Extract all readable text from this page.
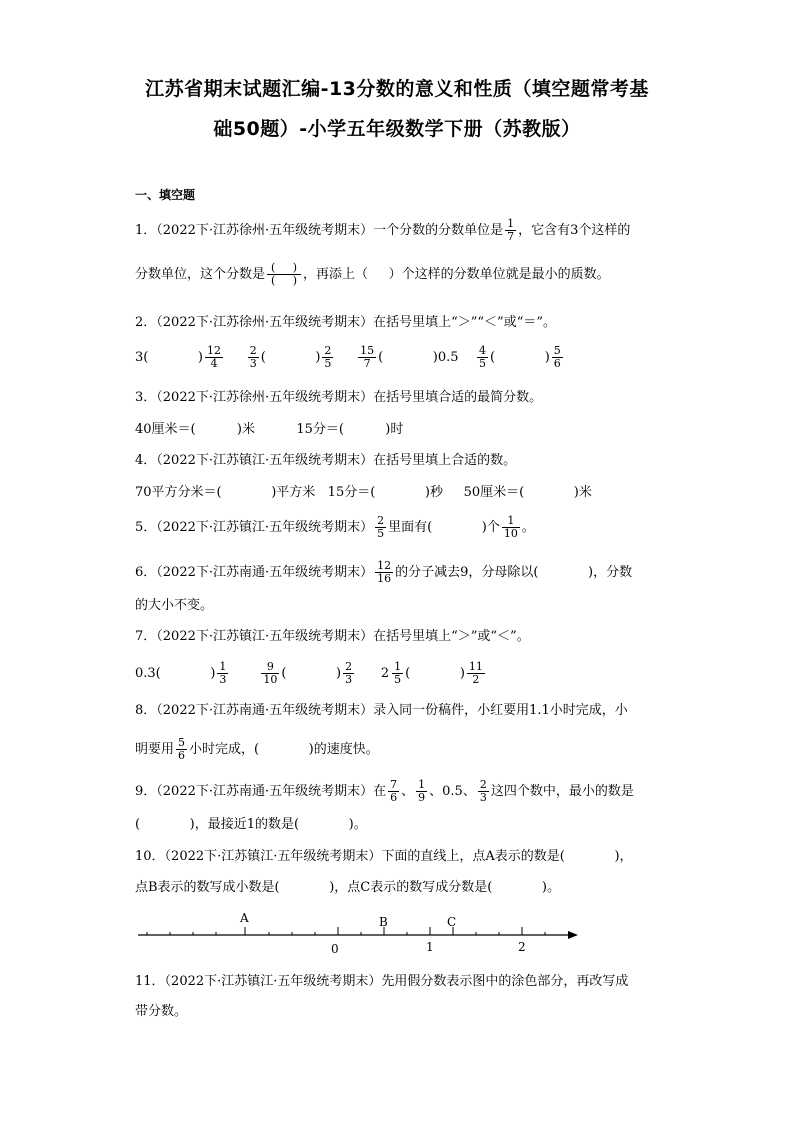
江苏省期末试题汇编-13分数的意义和性质（填空题常考基
础50题）-小学五年级数学下册（苏教版）
一、填空题
1．（2022下·江苏徐州·五年级统考期末）一个分数的分数单位是 $\frac{1}{7}$ ，它含有3个这样的
分数单位，这个分数是 $\frac{( )}{( )}$ ，再添上（     ）个这样的分数单位就是最小的质数。
2．（2022下·江苏徐州·五年级统考期末）在括号里填上“＞”“＜”或“＝”。
3(            ) $\frac{12}{4}$
$\frac{2}{3}$ (            ) $\frac{2}{5}$
$\frac{15}{7}$ (            )0.5
$\frac{4}{5}$ (            ) $\frac{5}{6}$
3．（2022下·江苏徐州·五年级统考期末）在括号里填合适的最简分数。
40厘米＝(          )米          15分＝(          )时
4．（2022下·江苏镇江·五年级统考期末）在括号里填上合适的数。
70平方分米＝(            )平方米   15分＝(            )秒     50厘米＝(            )米
5．（2022下·江苏镇江·五年级统考期末） $\frac{2}{5}$ 里面有(            )个 $\frac{1}{10}$ 。
6．（2022下·江苏南通·五年级统考期末） $\frac{12}{16}$ 的分子减去9，分母除以(            )，分数
的大小不变。
7．（2022下·江苏镇江·五年级统考期末）在括号里填上“＞”或“＜”。
0.3(            ) $\frac{1}{3}$
	$\frac{9}{10}$ (            ) $\frac{2}{3}$
$2 \frac{1}{5}$ (            ) $\frac{11}{2}$
8．（2022下·江苏南通·五年级统考期末）录入同一份稿件，小红要用1.1小时完成，小
明要用 $\frac{5}{6}$ 小时完成，(            )的速度快。
9．（2022下·江苏南通·五年级统考期末）在 $\frac{7}{6}$ 、 $\frac{1}{9}$ 、0.5、 $\frac{2}{3}$ 这四个数中，最小的数是
(            )，最接近1的数是(            )。
10．（2022下·江苏镇江·五年级统考期末）下面的直线上，点A表示的数是(            )，
点B表示的数写成小数是(            )，点C表示的数写成分数是(            )。
A	B	C
0	1	2
11．（2022下·江苏镇江·五年级统考期末）先用假分数表示图中的涂色部分，再改写成
带分数。
